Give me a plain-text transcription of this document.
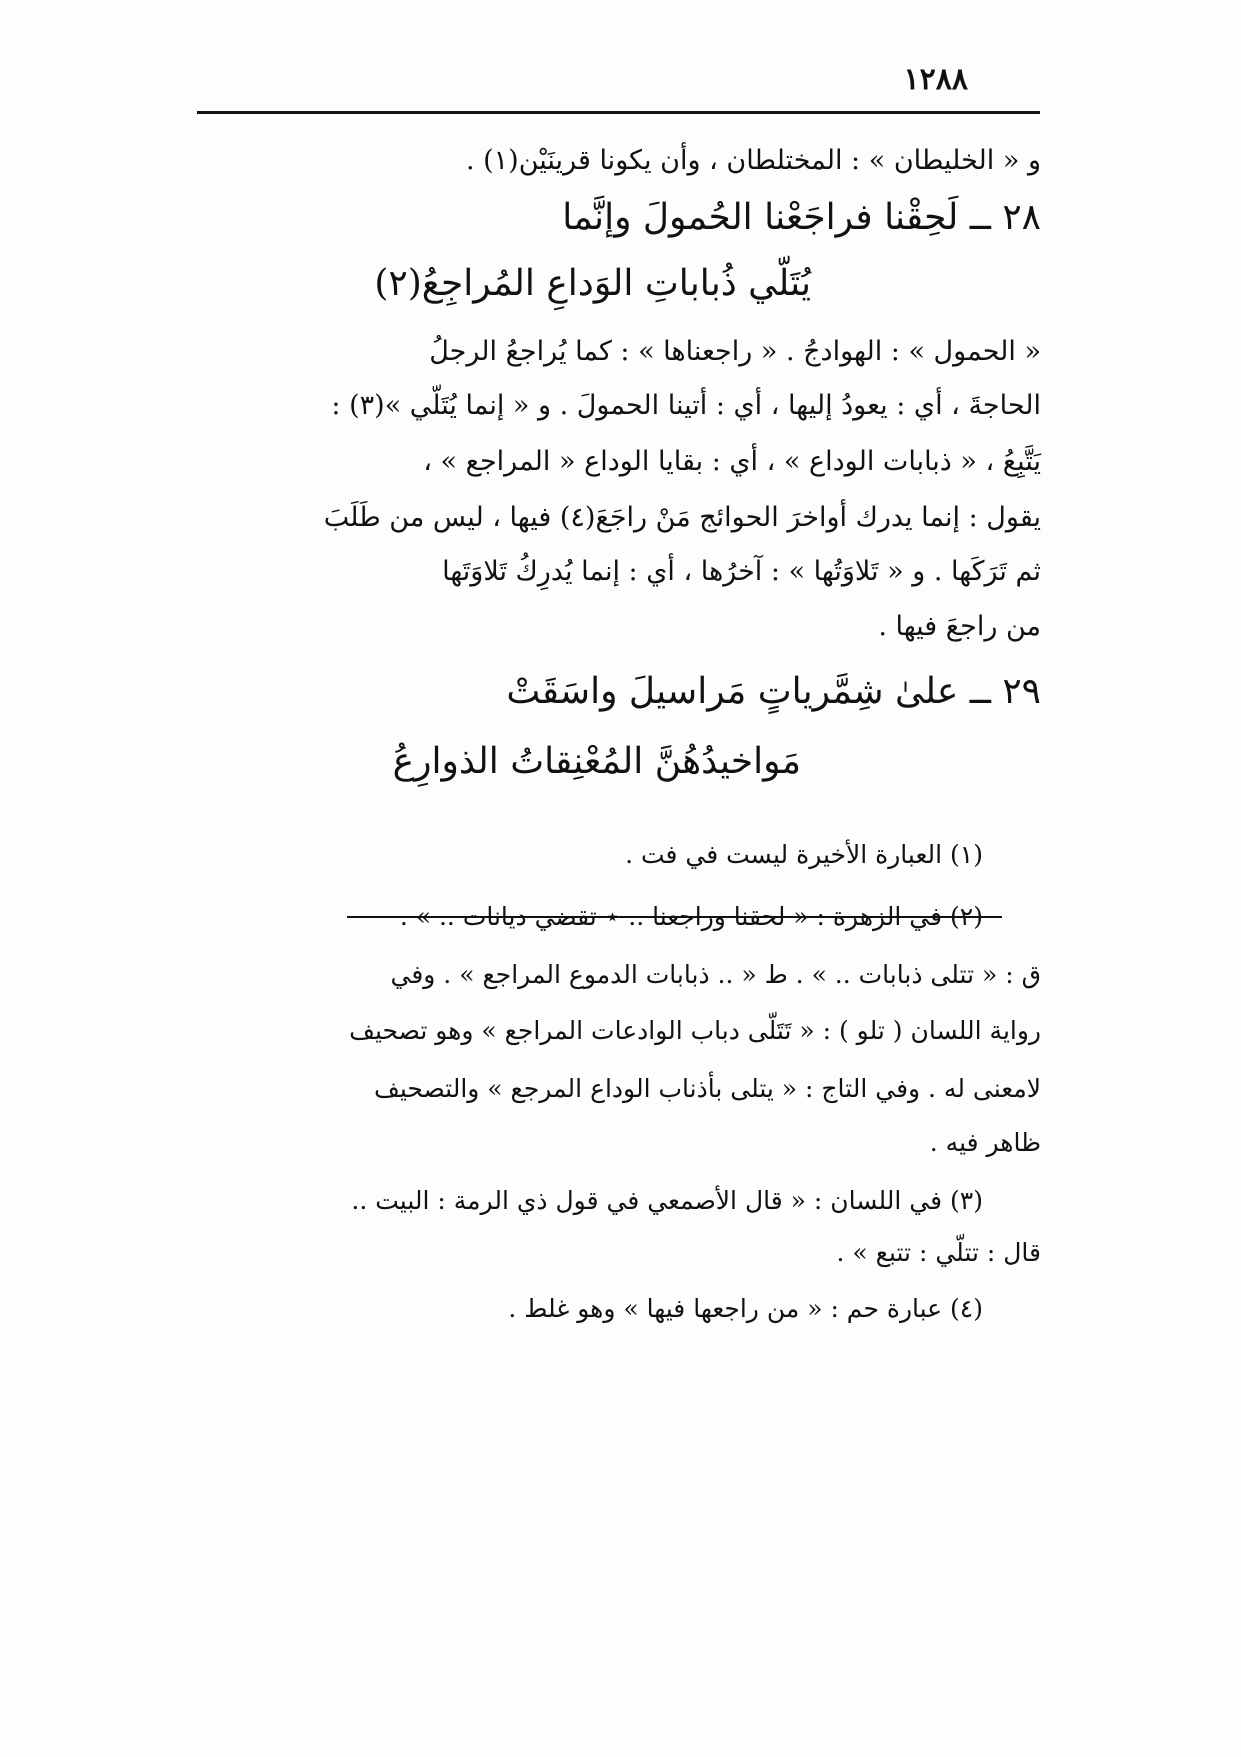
١٢٨٨
و « الخليطان » : المختلطان ، وأن يكونا قرينَيْن(١) .
٢٨ ــ لَحِقْنا فراجَعْنا الحُمولَ وإنَّما
يُتَلّي ذُباباتِ الوَداعِ المُراجِعُ(٢)
« الحمول » : الهوادجُ . « راجعناها » : كما يُراجعُ الرجلُ
الحاجةَ ، أي : يعودُ إليها ، أي : أتينا الحمولَ . و « إنما يُتَلّي »(٣) :
يَتَّبِعُ ، « ذبابات الوداع » ، أي : بقايا الوداع « المراجع » ،
يقول : إنما يدرك أواخرَ الحوائج مَنْ راجَعَ(٤) فيها ، ليس من طَلَبَ
ثم تَرَكَها . و « تَلاوَتُها » : آخرُها ، أي : إنما يُدرِكُ تَلاوَتَها
من راجعَ فيها .
٢٩ ــ علىٰ شِمَّرياتٍ مَراسيلَ واسَقَتْ
مَواخيدُهُنَّ المُعْنِقاتُ الذوارِعُ
(١) العبارة الأخيرة ليست في فت .
(٢) في الزهرة : « لحقنا وراجعنا .. ⋆ تقضي ديانات .. » .
ق : « تتلى ذبابات .. » . ط « .. ذبابات الدموع المراجع » . وفي
رواية اللسان ( تلو ) : « تَتَلّى دباب الوادعات المراجع » وهو تصحيف
لامعنى له . وفي التاج : « يتلى بأذناب الوداع المرجع » والتصحيف
ظاهر فيه .
(٣) في اللسان : « قال الأصمعي في قول ذي الرمة : البيت ..
قال : تتلّي : تتبع » .
(٤) عبارة حم : « من راجعها فيها » وهو غلط .
